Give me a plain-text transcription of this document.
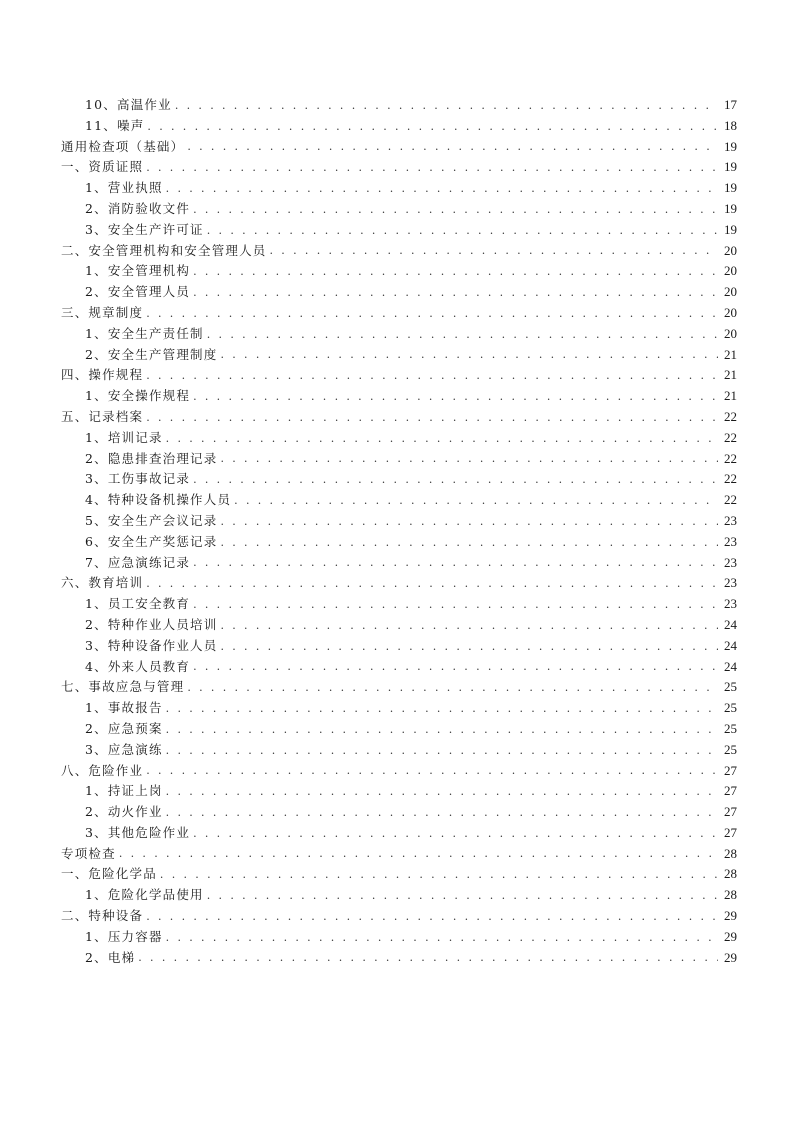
10、高温作业 . . .	17
11、噪声 . . .	18
通用检查项（基础） . . .	19
一、资质证照 . . .	19
1、营业执照 . . .	19
2、消防验收文件 . . .	19
3、安全生产许可证 . . .	19
二、安全管理机构和安全管理人员 . . .	20
1、安全管理机构 . . .	20
2、安全管理人员 . . .	20
三、规章制度 . . .	20
1、安全生产责任制 . . .	20
2、安全生产管理制度 . . .	21
四、操作规程 . . .	21
1、安全操作规程 . . .	21
五、记录档案 . . .	22
1、培训记录 . . .	22
2、隐患排查治理记录 . . .	22
3、工伤事故记录 . . .	22
4、特种设备机操作人员 . . .	22
5、安全生产会议记录 . . .	23
6、安全生产奖惩记录 . . .	23
7、应急演练记录 . . .	23
六、教育培训 . . .	23
1、员工安全教育 . . .	23
2、特种作业人员培训 . . .	24
3、特种设备作业人员 . . .	24
4、外来人员教育 . . .	24
七、事故应急与管理 . . .	25
1、事故报告 . . .	25
2、应急预案 . . .	25
3、应急演练 . . .	25
八、危险作业 . . .	27
1、持证上岗 . . .	27
2、动火作业 . . .	27
3、其他危险作业 . . .	27
专项检查 . . .	28
一、危险化学品 . . .	28
1、危险化学品使用 . . .	28
二、特种设备 . . .	29
1、压力容器 . . .	29
2、电梯 . . .	29
